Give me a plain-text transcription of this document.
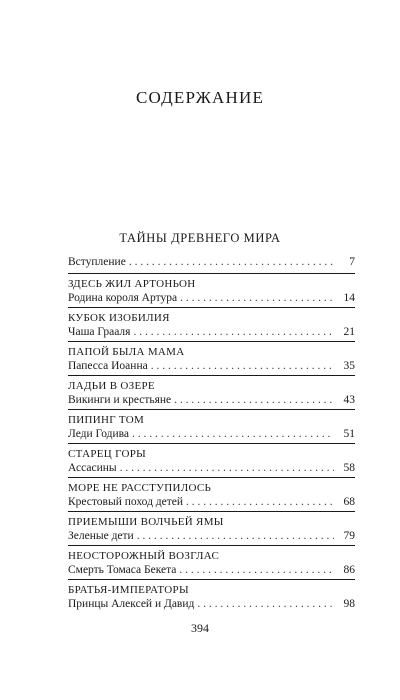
СОДЕРЖАНИЕ
ТАЙНЫ ДРЕВНЕГО МИРА
Вступление . . .	7
ЗДЕСЬ ЖИЛ АРТОНЬОН
Родина короля Артура . . .	14
КУБОК ИЗОБИЛИЯ
Чаша Грааля . . .	21
ПАПОЙ БЫЛА МАМА
Папесса Иоанна . . .	35
ЛАДЬИ В ОЗЕРЕ
Викинги и крестьяне . . .	43
ПИПИНГ ТОМ
Леди Годива . . .	51
СТАРЕЦ ГОРЫ
Ассасины . . .	58
МОРЕ НЕ РАССТУПИЛОСЬ
Крестовый поход детей . . .	68
ПРИЕМЫШИ ВОЛЧЬЕЙ ЯМЫ
Зеленые дети . . .	79
НЕОСТОРОЖНЫЙ ВОЗГЛАС
Смерть Томаса Бекета . . .	86
БРАТЬЯ-ИМПЕРАТОРЫ
Принцы Алексей и Давид . . .	98
394
